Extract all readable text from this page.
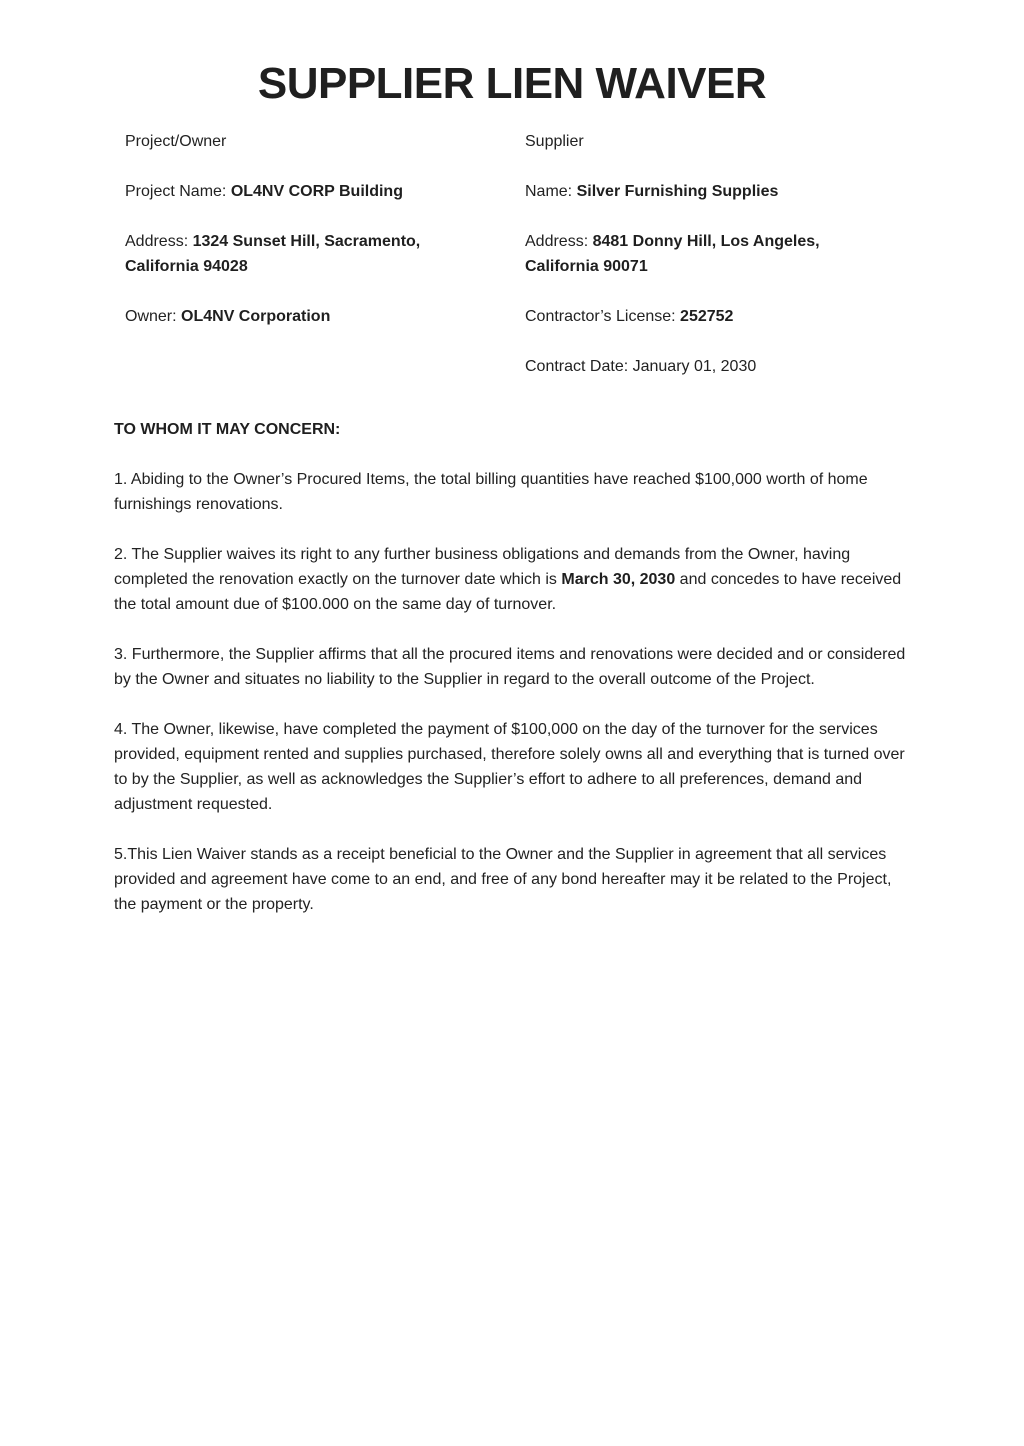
SUPPLIER LIEN WAIVER

Project/Owner

Project Name: OL4NV CORP Building

Address: 1324 Sunset Hill, Sacramento, California 94028

Owner: OL4NV Corporation

Supplier

Name: Silver Furnishing Supplies

Address: 8481 Donny Hill, Los Angeles, California 90071

Contractor’s License: 252752

Contract Date: January 01, 2030

TO WHOM IT MAY CONCERN:

1. Abiding to the Owner’s Procured Items, the total billing quantities have reached $100,000 worth of home furnishings renovations.

2. The Supplier waives its right to any further business obligations and demands from the Owner, having completed the renovation exactly on the turnover date which is March 30, 2030 and concedes to have received the total amount due of $100.000 on the same day of turnover.

3. Furthermore, the Supplier affirms that all the procured items and renovations were decided and or considered by the Owner and situates no liability to the Supplier in regard to the overall outcome of the Project.

4. The Owner, likewise, have completed the payment of $100,000 on the day of the turnover for the services provided, equipment rented and supplies purchased, therefore solely owns all and everything that is turned over to by the Supplier, as well as acknowledges the Supplier’s effort to adhere to all preferences, demand and adjustment requested.

5.This Lien Waiver stands as a receipt beneficial to the Owner and the Supplier in agreement that all services provided and agreement have come to an end, and free of any bond hereafter may it be related to the Project, the payment or the property.
